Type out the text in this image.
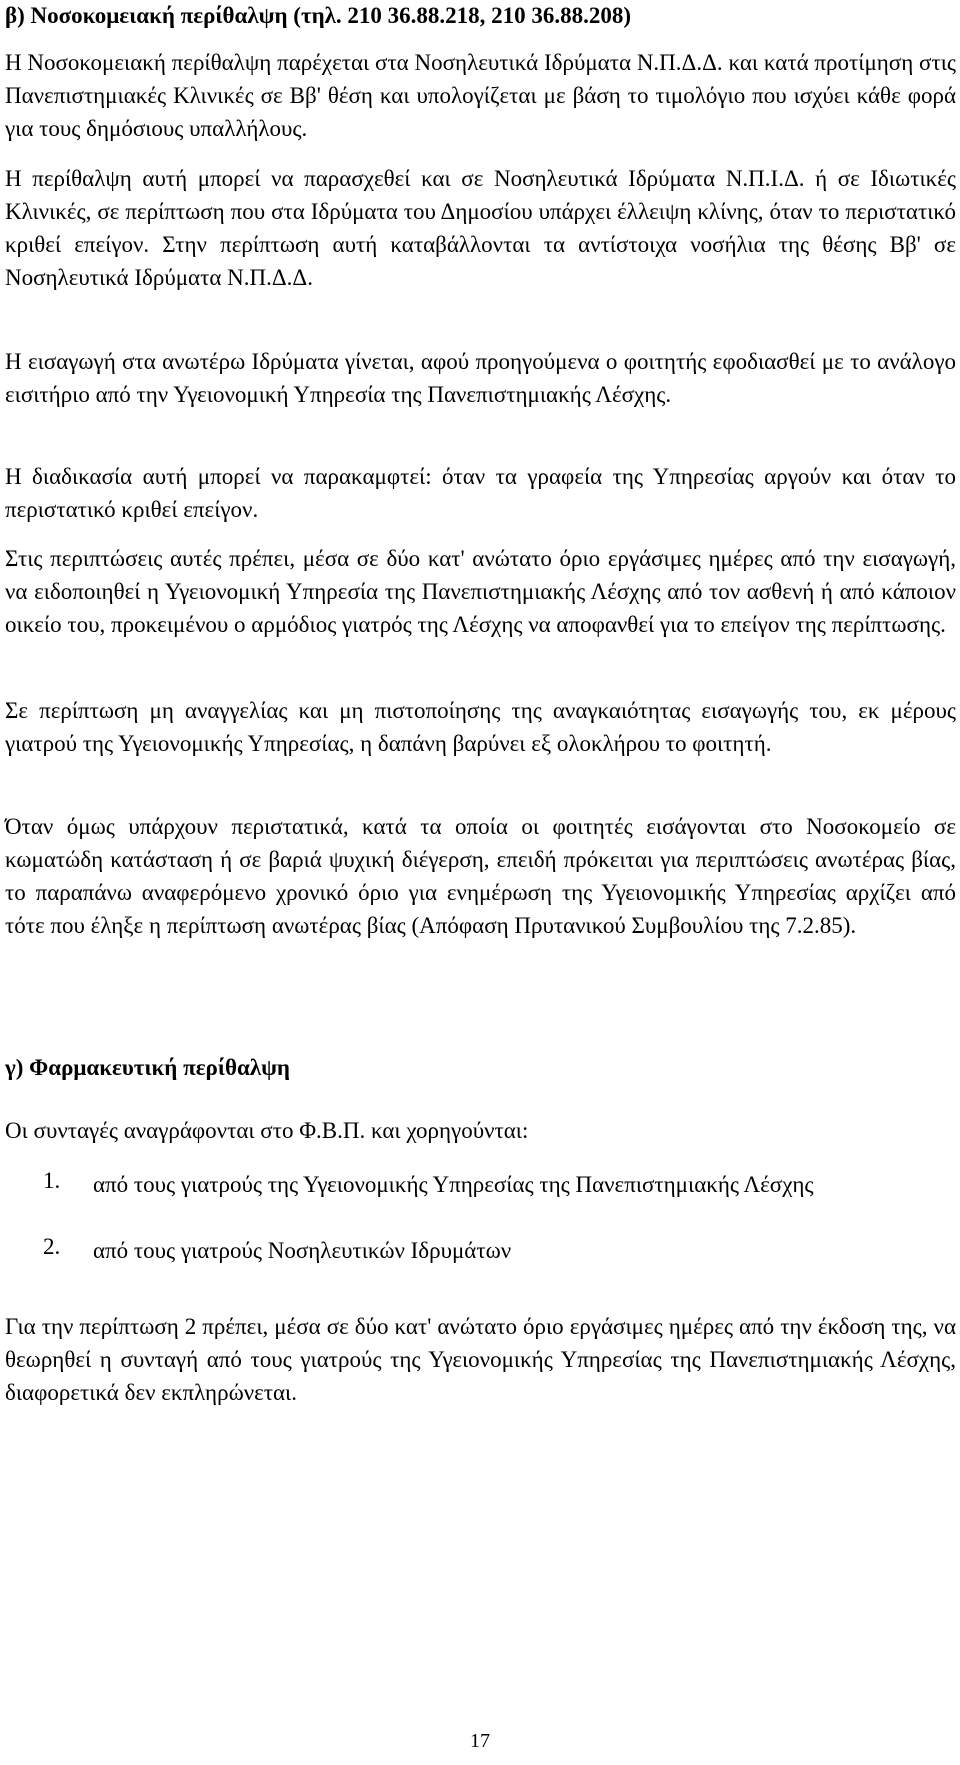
β) Νοσοκομειακή περίθαλψη (τηλ. 210 36.88.218, 210 36.88.208)

Η Νοσοκομειακή περίθαλψη παρέχεται στα Νοσηλευτικά Ιδρύματα Ν.Π.Δ.Δ. και κατά προτίμηση στις Πανεπιστημιακές Κλινικές σε Ββ' θέση και υπολογίζεται με βάση το τιμολόγιο που ισχύει κάθε φορά για τους δημόσιους υπαλλήλους.

Η περίθαλψη αυτή μπορεί να παρασχεθεί και σε Νοσηλευτικά Ιδρύματα Ν.Π.Ι.Δ. ή σε Ιδιωτικές Κλινικές, σε περίπτωση που στα Ιδρύματα του Δημοσίου υπάρχει έλλειψη κλίνης, όταν το περιστατικό κριθεί επείγον. Στην περίπτωση αυτή καταβάλλονται τα αντίστοιχα νοσήλια της θέσης Ββ' σε Νοσηλευτικά Ιδρύματα Ν.Π.Δ.Δ.

Η εισαγωγή στα ανωτέρω Ιδρύματα γίνεται, αφού προηγούμενα ο φοιτητής εφοδιασθεί με το ανάλογο εισιτήριο από την Υγειονομική Υπηρεσία της Πανεπιστημιακής Λέσχης.

Η διαδικασία αυτή μπορεί να παρακαμφτεί: όταν τα γραφεία της Υπηρεσίας αργούν και όταν το περιστατικό κριθεί επείγον.

Στις περιπτώσεις αυτές πρέπει, μέσα σε δύο κατ' ανώτατο όριο εργάσιμες ημέρες από την εισαγωγή, να ειδοποιηθεί η Υγειονομική Υπηρεσία της Πανεπιστημιακής Λέσχης από τον ασθενή ή από κάποιον οικείο του, προκειμένου ο αρμόδιος γιατρός της Λέσχης να αποφανθεί για το επείγον της περίπτωσης.

Σε περίπτωση μη αναγγελίας και μη πιστοποίησης της αναγκαιότητας εισαγωγής του, εκ μέρους γιατρού της Υγειονομικής Υπηρεσίας, η δαπάνη βαρύνει εξ ολοκλήρου το φοιτητή.

Όταν όμως υπάρχουν περιστατικά, κατά τα οποία οι φοιτητές εισάγονται στο Νοσοκομείο σε κωματώδη κατάσταση ή σε βαριά ψυχική διέγερση, επειδή πρόκειται για περιπτώσεις ανωτέρας βίας, το παραπάνω αναφερόμενο χρονικό όριο για ενημέρωση της Υγειονομικής Υπηρεσίας αρχίζει από τότε που έληξε η περίπτωση ανωτέρας βίας (Απόφαση Πρυτανικού Συμβουλίου της 7.2.85).

γ) Φαρμακευτική περίθαλψη

Οι συνταγές αναγράφονται στο Φ.Β.Π. και χορηγούνται:

1. από τους γιατρούς της Υγειονομικής Υπηρεσίας της Πανεπιστημιακής Λέσχης
2. από τους γιατρούς Νοσηλευτικών Ιδρυμάτων

Για την περίπτωση 2 πρέπει, μέσα σε δύο κατ' ανώτατο όριο εργάσιμες ημέρες από την έκδοση της, να θεωρηθεί η συνταγή από τους γιατρούς της Υγειονομικής Υπηρεσίας της Πανεπιστημιακής Λέσχης, διαφορετικά δεν εκπληρώνεται.

17
